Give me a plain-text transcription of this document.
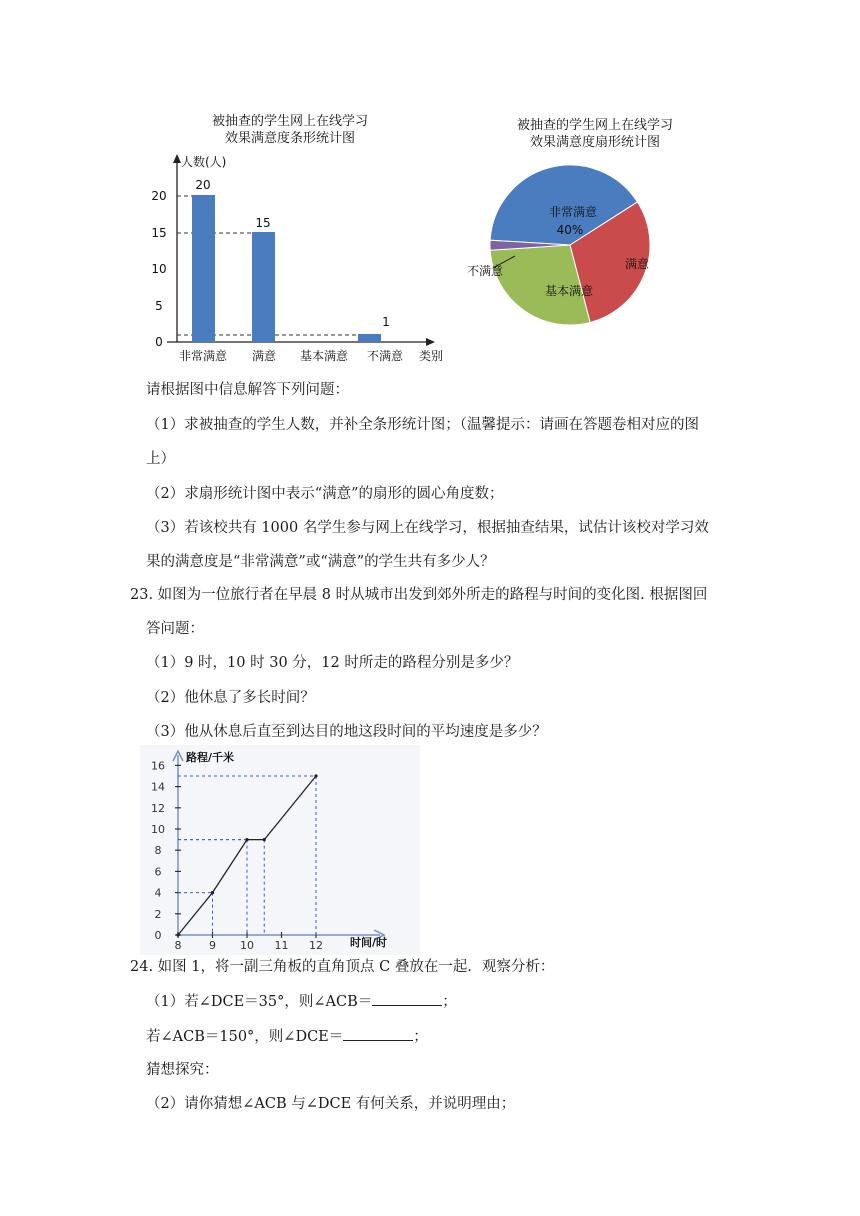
被抽查的学生网上在线学习
效果满意度条形统计图
人数(人)
类别
0
5
10
15
20
20
15
1
非常满意 满意 基本满意 不满意
被抽查的学生网上在线学习
效果满意度扇形统计图
非常满意
40%
满意
基本满意
不满意
请根据图中信息解答下列问题：
（1）求被抽查的学生人数，并补全条形统计图；（温馨提示：请画在答题卷相对应的图
上）
（2）求扇形统计图中表示“满意”的扇形的圆心角度数；
（3）若该校共有 1000 名学生参与网上在线学习，根据抽查结果，试估计该校对学习效
果的满意度是“非常满意”或“满意”的学生共有多少人？
23. 如图为一位旅行者在早晨 8 时从城市出发到郊外所走的路程与时间的变化图. 根据图回
答问题：
（1）9 时，10 时 30 分，12 时所走的路程分别是多少？
（2）他休息了多长时间？
（3）他从休息后直至到达目的地这段时间的平均速度是多少？
路程/千米
时间/时
0
2
4
6
8
10
12
14
16
8	9 10 11 12
24. 如图 1，将一副三角板的直角顶点 C 叠放在一起．观察分析：
（1）若∠DCE＝35°，则∠ACB＝	；
若∠ACB＝150°，则∠DCE＝	；
猜想探究：
（2）请你猜想∠ACB 与∠DCE 有何关系，并说明理由；
